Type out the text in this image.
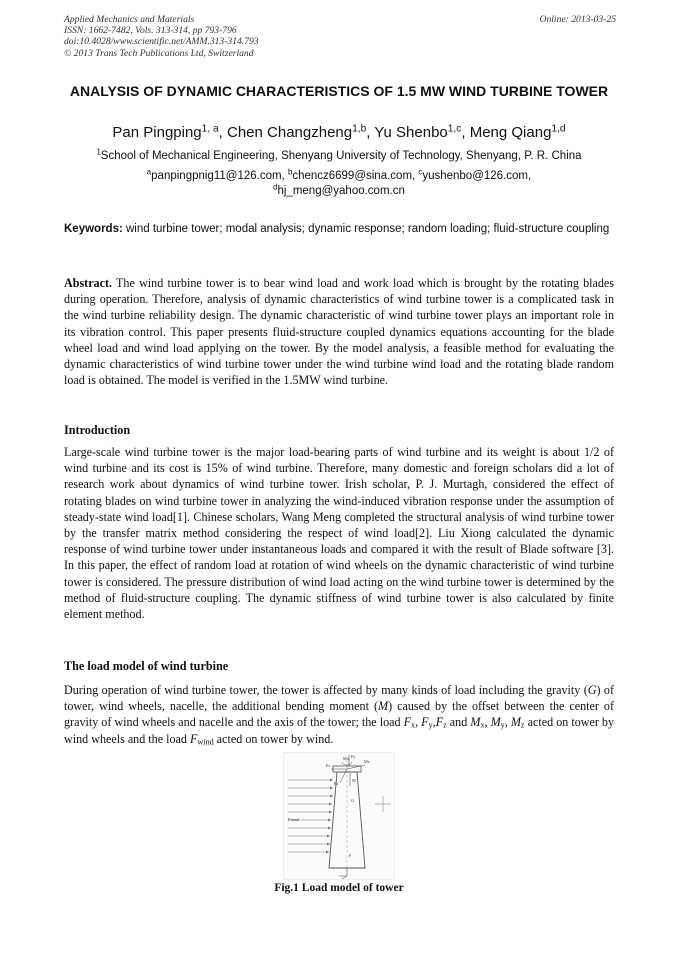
Applied Mechanics and Materials
ISSN: 1662-7482, Vols. 313-314, pp 793-796
doi:10.4028/www.scientific.net/AMM.313-314.793
© 2013 Trans Tech Publications Ltd, Switzerland
Online: 2013-03-25
ANALYSIS OF DYNAMIC CHARACTERISTICS OF 1.5 MW WIND TURBINE TOWER
Pan Pingping$^{1, a}$, Chen Changzheng$^{1,b}$, Yu Shenbo$^{1,c}$, Meng Qiang$^{1,d}$
$^1$School of Mechanical Engineering, Shenyang University of Technology, Shenyang, P. R. China
$^a$panpingpnig11@126.com, $^b$chencz6699@sina.com, $^c$yushenbo@126.com,
$^d$hj_meng@yahoo.com.cn
Keywords: wind turbine tower; modal analysis; dynamic response; random loading; fluid-structure coupling
Abstract. The wind turbine tower is to bear wind load and work load which is brought by the rotating blades during operation. Therefore, analysis of dynamic characteristics of wind turbine tower is a complicated task in the wind turbine reliability design. The dynamic characteristic of wind turbine tower plays an important role in its vibration control. This paper presents fluid-structure coupled dynamics equations accounting for the blade wheel load and wind load applying on the tower. By the model analysis, a feasible method for evaluating the dynamic characteristics of wind turbine tower under the wind turbine wind load and the rotating blade random load is obtained. The model is verified in the 1.5MW wind turbine.
Introduction
Large-scale wind turbine tower is the major load-bearing parts of wind turbine and its weight is about 1/2 of wind turbine and its cost is 15% of wind turbine. Therefore, many domestic and foreign scholars did a lot of research work about dynamics of wind turbine tower. Irish scholar, P. J. Murtagh, considered the effect of rotating blades on wind turbine tower in analyzing the wind-induced vibration response under the assumption of steady-state wind load[1]. Chinese scholars, Wang Meng completed the structural analysis of wind turbine tower by the transfer matrix method considering the respect of wind load[2]. Liu Xiong calculated the dynamic response of wind turbine tower under instantaneous loads and compared it with the result of Blade software [3]. In this paper, the effect of random load at rotation of wind wheels on the dynamic characteristic of wind turbine tower is considered. The pressure distribution of wind load acting on the wind turbine tower is determined by the method of fluid-structure coupling. The dynamic stiffness of wind turbine tower is also calculated by finite element method.
The load model of wind turbine
During operation of wind turbine tower, the tower is affected by many kinds of load including the gravity (G) of tower, wind wheels, nacelle, the additional bending moment (M) caused by the offset between the center of gravity of wind wheels and nacelle and the axis of the tower; the load $F_x$, $F_y,F_z$ and $M_x$, $M_y$, $M_z$ acted on tower by wind wheels and the load $F_{wind}$ acted on tower by wind.
Fy
Mx
Mz
Fx
Fz
M
G
Fwind
F
Fig.1 Load model of tower
